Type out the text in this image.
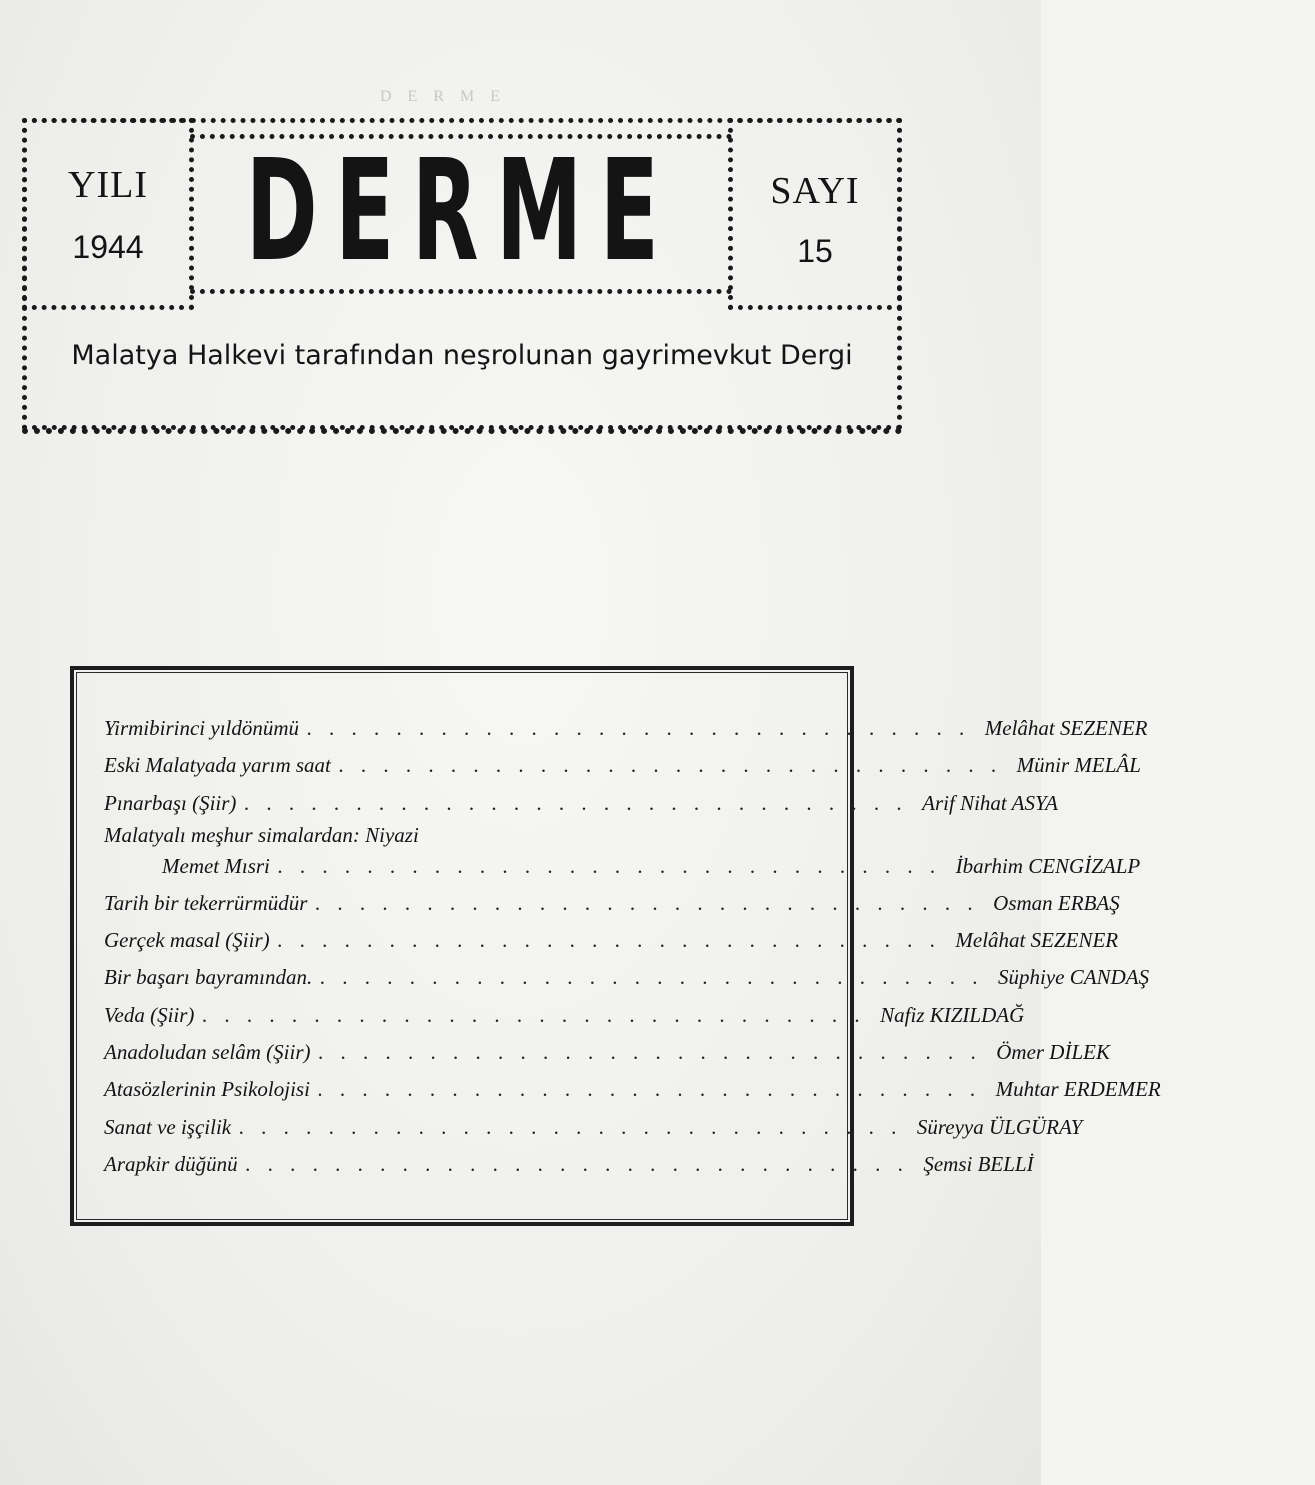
D E R M E
YILI
1944 DERME	SAYI
15
Malatya Halkevi tarafından neşrolunan gayrimevkut Dergi
Yirmibirinci yıldönümü . . . . . . . . . . . . . . . . . . . . . . . . . . . . . . Melâhat SEZENER
Eski Malatyada yarım saat . . . . . . . . . . . . . . . . . . . . . . . . . . . . . . Münir MELÂL
Pınarbaşı (Şiir) . . . . . . . . . . . . . . . . . . . . . . . . . . . . . . Arif Nihat ASYA
Malatyalı meşhur simalardan: Niyazi
Memet Mısri . . . . . . . . . . . . . . . . . . . . . . . . . . . . . . İbarhim CENGİZALP
Tarih bir tekerrürmüdür . . . . . . . . . . . . . . . . . . . . . . . . . . . . . . Osman ERBAŞ
Gerçek masal (Şiir) . . . . . . . . . . . . . . . . . . . . . . . . . . . . . . Melâhat SEZENER
Bir başarı bayramından. . . . . . . . . . . . . . . . . . . . . . . . . . . . . . . Süphiye CANDAŞ
Veda (Şiir) . . . . . . . . . . . . . . . . . . . . . . . . . . . . . . Nafiz KIZILDAĞ
Anadoludan selâm (Şiir) . . . . . . . . . . . . . . . . . . . . . . . . . . . . . . Ömer DİLEK
Atasözlerinin Psikolojisi . . . . . . . . . . . . . . . . . . . . . . . . . . . . . . Muhtar ERDEMER
Sanat ve işçilik . . . . . . . . . . . . . . . . . . . . . . . . . . . . . . Süreyya ÜLGÜRAY
Arapkir düğünü . . . . . . . . . . . . . . . . . . . . . . . . . . . . . . Şemsi BELLİ
